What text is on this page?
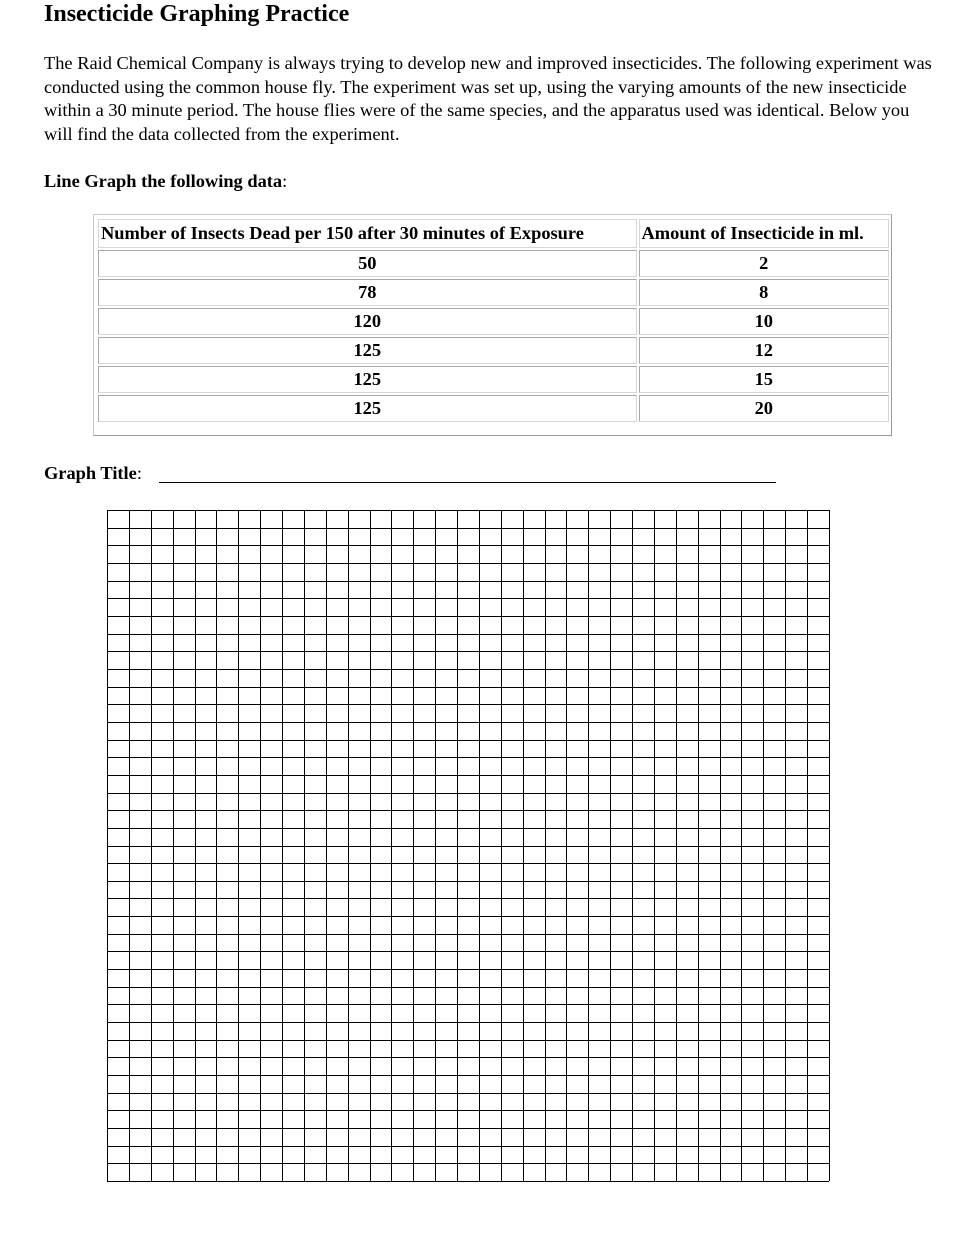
Insecticide Graphing Practice

The Raid Chemical Company is always trying to develop new and improved insecticides. The following experiment was conducted using the common house fly. The experiment was set up, using the varying amounts of the new insecticide within a 30 minute period. The house flies were of the same species, and the apparatus used was identical. Below you will find the data collected from the experiment.

Line Graph the following data:

Number of Insects Dead per 150 after 30 minutes of Exposure	Amount of Insecticide in ml.
50	2
78	8
120	10
125	12
125	15
125	20

Graph Title:
